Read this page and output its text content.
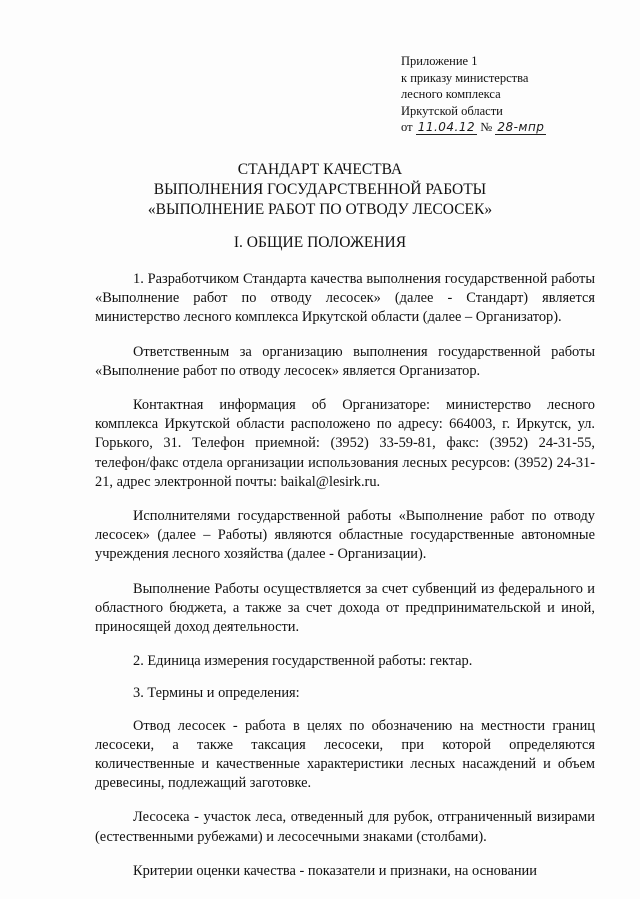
Приложение 1
к приказу министерства
лесного комплекса
Иркутской области
от 11.04.12 № 28-мпр
СТАНДАРТ КАЧЕСТВА
ВЫПОЛНЕНИЯ ГОСУДАРСТВЕННОЙ РАБОТЫ
«ВЫПОЛНЕНИЕ РАБОТ ПО ОТВОДУ ЛЕСОСЕК»
I. ОБЩИЕ ПОЛОЖЕНИЯ

1. Разработчиком Стандарта качества выполнения государственной работы «Выполнение работ по отводу лесосек» (далее - Стандарт) является министерство лесного комплекса Иркутской области (далее – Организатор).

Ответственным за организацию выполнения государственной работы «Выполнение работ по отводу лесосек» является Организатор.

Контактная информация об Организаторе: министерство лесного комплекса Иркутской области расположено по адресу: 664003, г. Иркутск, ул. Горького, 31. Телефон приемной: (3952) 33-59-81, факс: (3952) 24-31-55, телефон/факс отдела организации использования лесных ресурсов: (3952) 24-31-21, адрес электронной почты: baikal@lesirk.ru.

Исполнителями государственной работы «Выполнение работ по отводу лесосек» (далее – Работы) являются областные государственные автономные учреждения лесного хозяйства (далее - Организации).

Выполнение Работы осуществляется за счет субвенций из федерального и областного бюджета, а также за счет дохода от предпринимательской и иной, приносящей доход деятельности.

2. Единица измерения государственной работы: гектар.

3. Термины и определения:

Отвод лесосек - работа в целях по обозначению на местности границ лесосеки, а также таксация лесосеки, при которой определяются количественные и качественные характеристики лесных насаждений и объем древесины, подлежащий заготовке.

Лесосека - участок леса, отведенный для рубок, отграниченный визирами (естественными рубежами) и лесосечными знаками (столбами).

Критерии оценки качества - показатели и признаки, на основании
